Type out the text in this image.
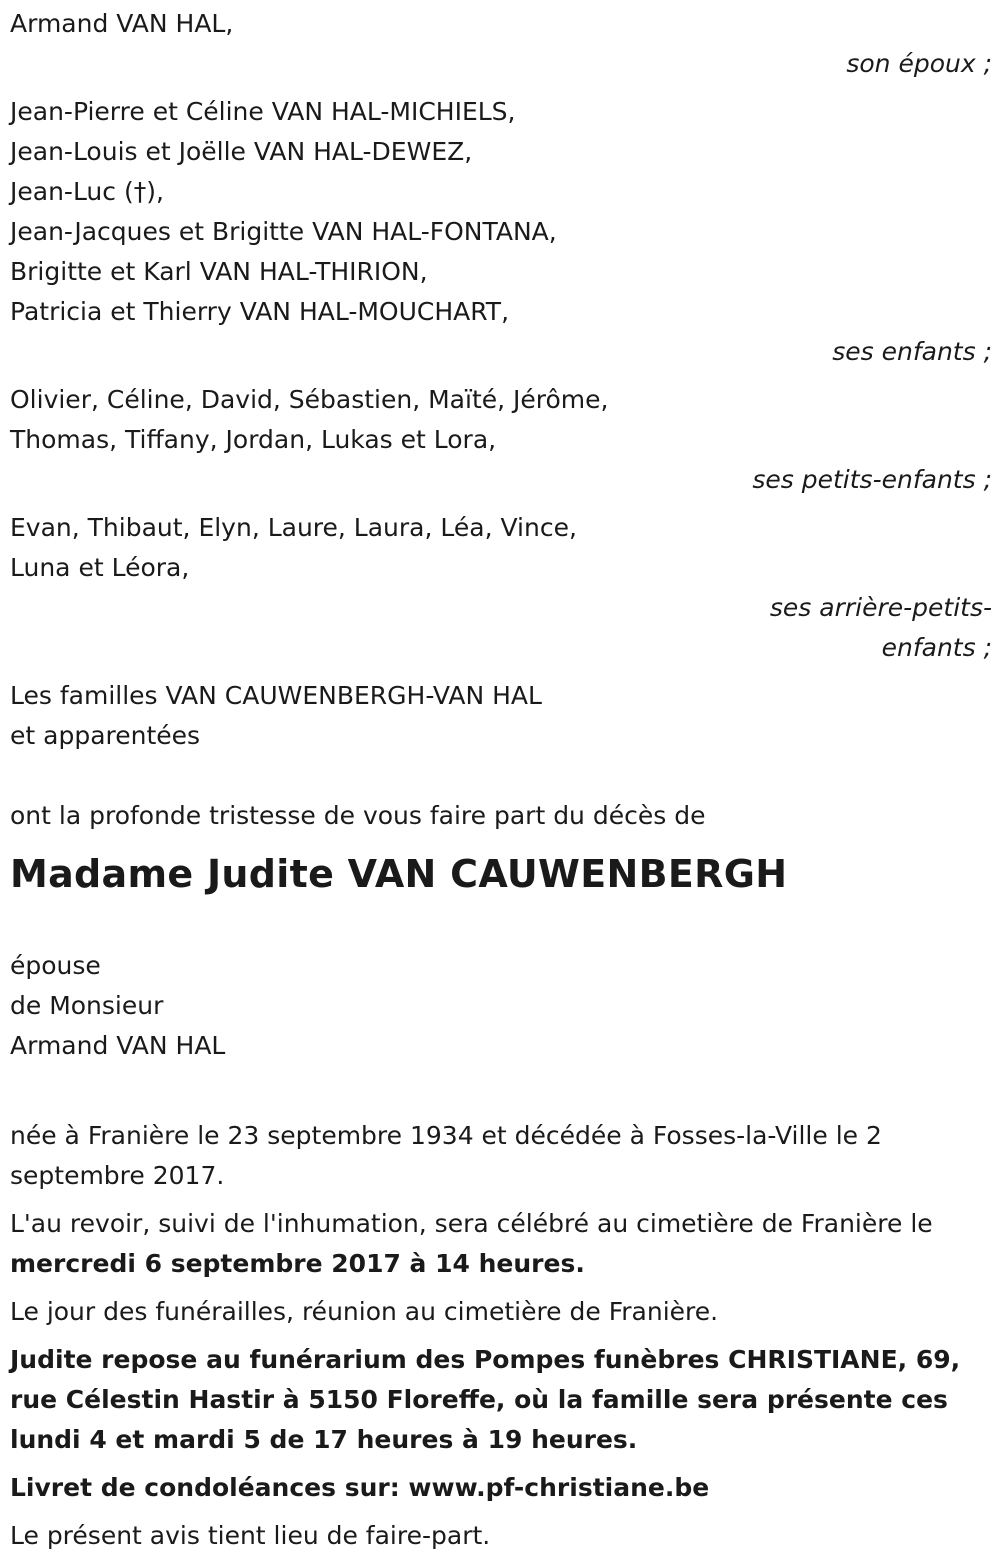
Armand VAN HAL,
son époux ;
Jean-Pierre et Céline VAN HAL-MICHIELS,
Jean-Louis et Joëlle VAN HAL-DEWEZ,
Jean-Luc (†),
Jean-Jacques et Brigitte VAN HAL-FONTANA,
Brigitte et Karl VAN HAL-THIRION,
Patricia et Thierry VAN HAL-MOUCHART,
ses enfants ;
Olivier, Céline, David, Sébastien, Maïté, Jérôme,
Thomas, Tiffany, Jordan, Lukas et Lora,
ses petits-enfants ;
Evan, Thibaut, Elyn, Laure, Laura, Léa, Vince,
Luna et Léora,
ses arrière-petits-
enfants ;
Les familles VAN CAUWENBERGH-VAN HAL
et apparentées
ont la profonde tristesse de vous faire part du décès de
Madame Judite VAN CAUWENBERGH
épouse
de Monsieur
Armand VAN HAL
née à Franière le 23 septembre 1934 et décédée à Fosses-la-Ville le 2 septembre 2017.
L'au revoir, suivi de l'inhumation, sera célébré au cimetière de Franière le
mercredi 6 septembre 2017 à 14 heures.
Le jour des funérailles, réunion au cimetière de Franière.
Judite repose au funérarium des Pompes funèbres CHRISTIANE, 69, rue Célestin Hastir à 5150 Floreffe, où la famille sera présente ces lundi 4 et mardi 5 de 17 heures à 19 heures.
Livret de condoléances sur: www.pf-christiane.be
Le présent avis tient lieu de faire-part.
